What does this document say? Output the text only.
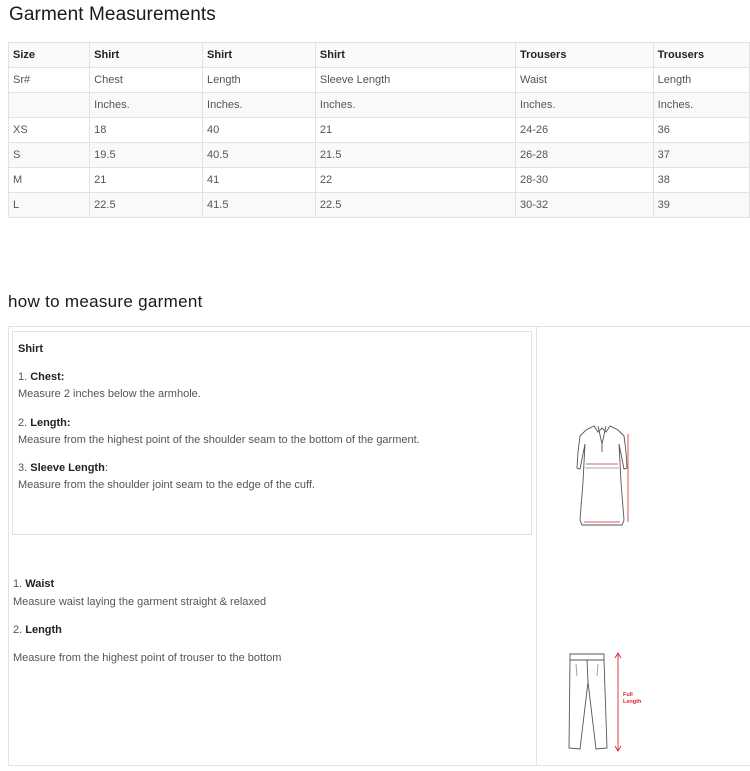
Garment Measurements
Size	Shirt	Shirt	Shirt	Trousers	Trousers
Sr#	Chest	Length	Sleeve Length	Waist	Length
	Inches.	Inches.	Inches.	Inches.	Inches.
XS	18	40	21	24-26	36
S	19.5	40.5	21.5	26-28	37
M	21	41	22	28-30	38
L	22.5	41.5	22.5	30-32	39
how to measure garment
Shirt
1. Chest:
Measure 2 inches below the armhole.
2. Length:
Measure from the highest point of the shoulder seam to the bottom of the garment.
3. Sleeve Length:
Measure from the shoulder joint seam to the edge of the cuff.
1. Waist
Measure waist laying the garment straight & relaxed
2. Length
Measure from the highest point of trouser to the bottom
Full
Length
